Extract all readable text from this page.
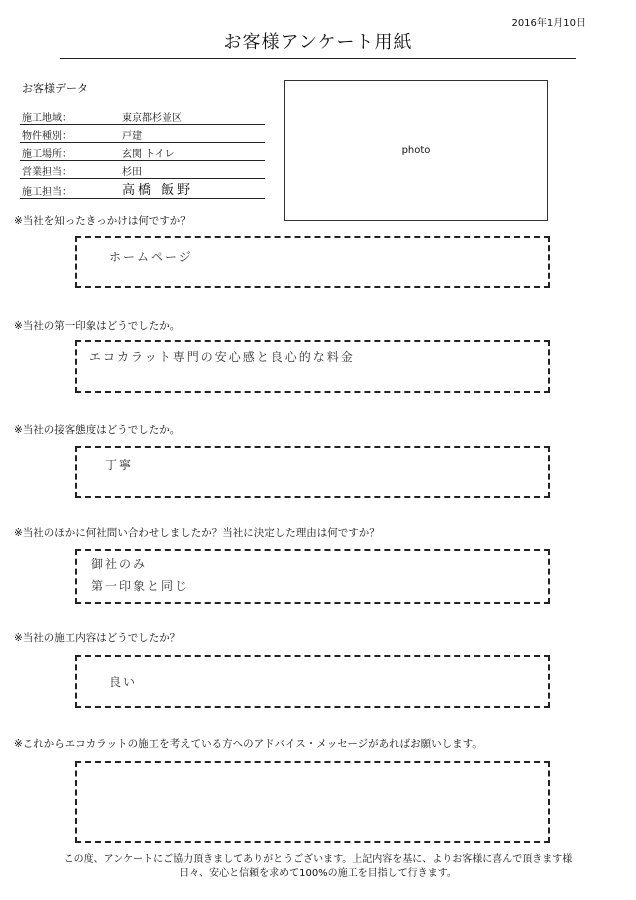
2016年1月10日
お客様アンケート用紙
お客様データ
施工地域：	東京都杉並区
物件種別：	戸建
施工場所：	玄関 トイレ
営業担当：	杉田
施工担当：	高橋 飯野
photo
※当社を知ったきっかけは何ですか？
ホームページ
※当社の第一印象はどうでしたか。
エコカラット専門の安心感と良心的な料金
※当社の接客態度はどうでしたか。
丁寧
※当社のほかに何社問い合わせしましたか？当社に決定した理由は何ですか？
御社のみ
第一印象と同じ
※当社の施工内容はどうでしたか？
良い
※これからエコカラットの施工を考えている方へのアドバイス・メッセージがあればお願いします。
この度、アンケートにご協力頂きましてありがとうございます。上記内容を基に、よりお客様に喜んで頂きます様
日々、安心と信頼を求めて100%の施工を目指して行きます。
